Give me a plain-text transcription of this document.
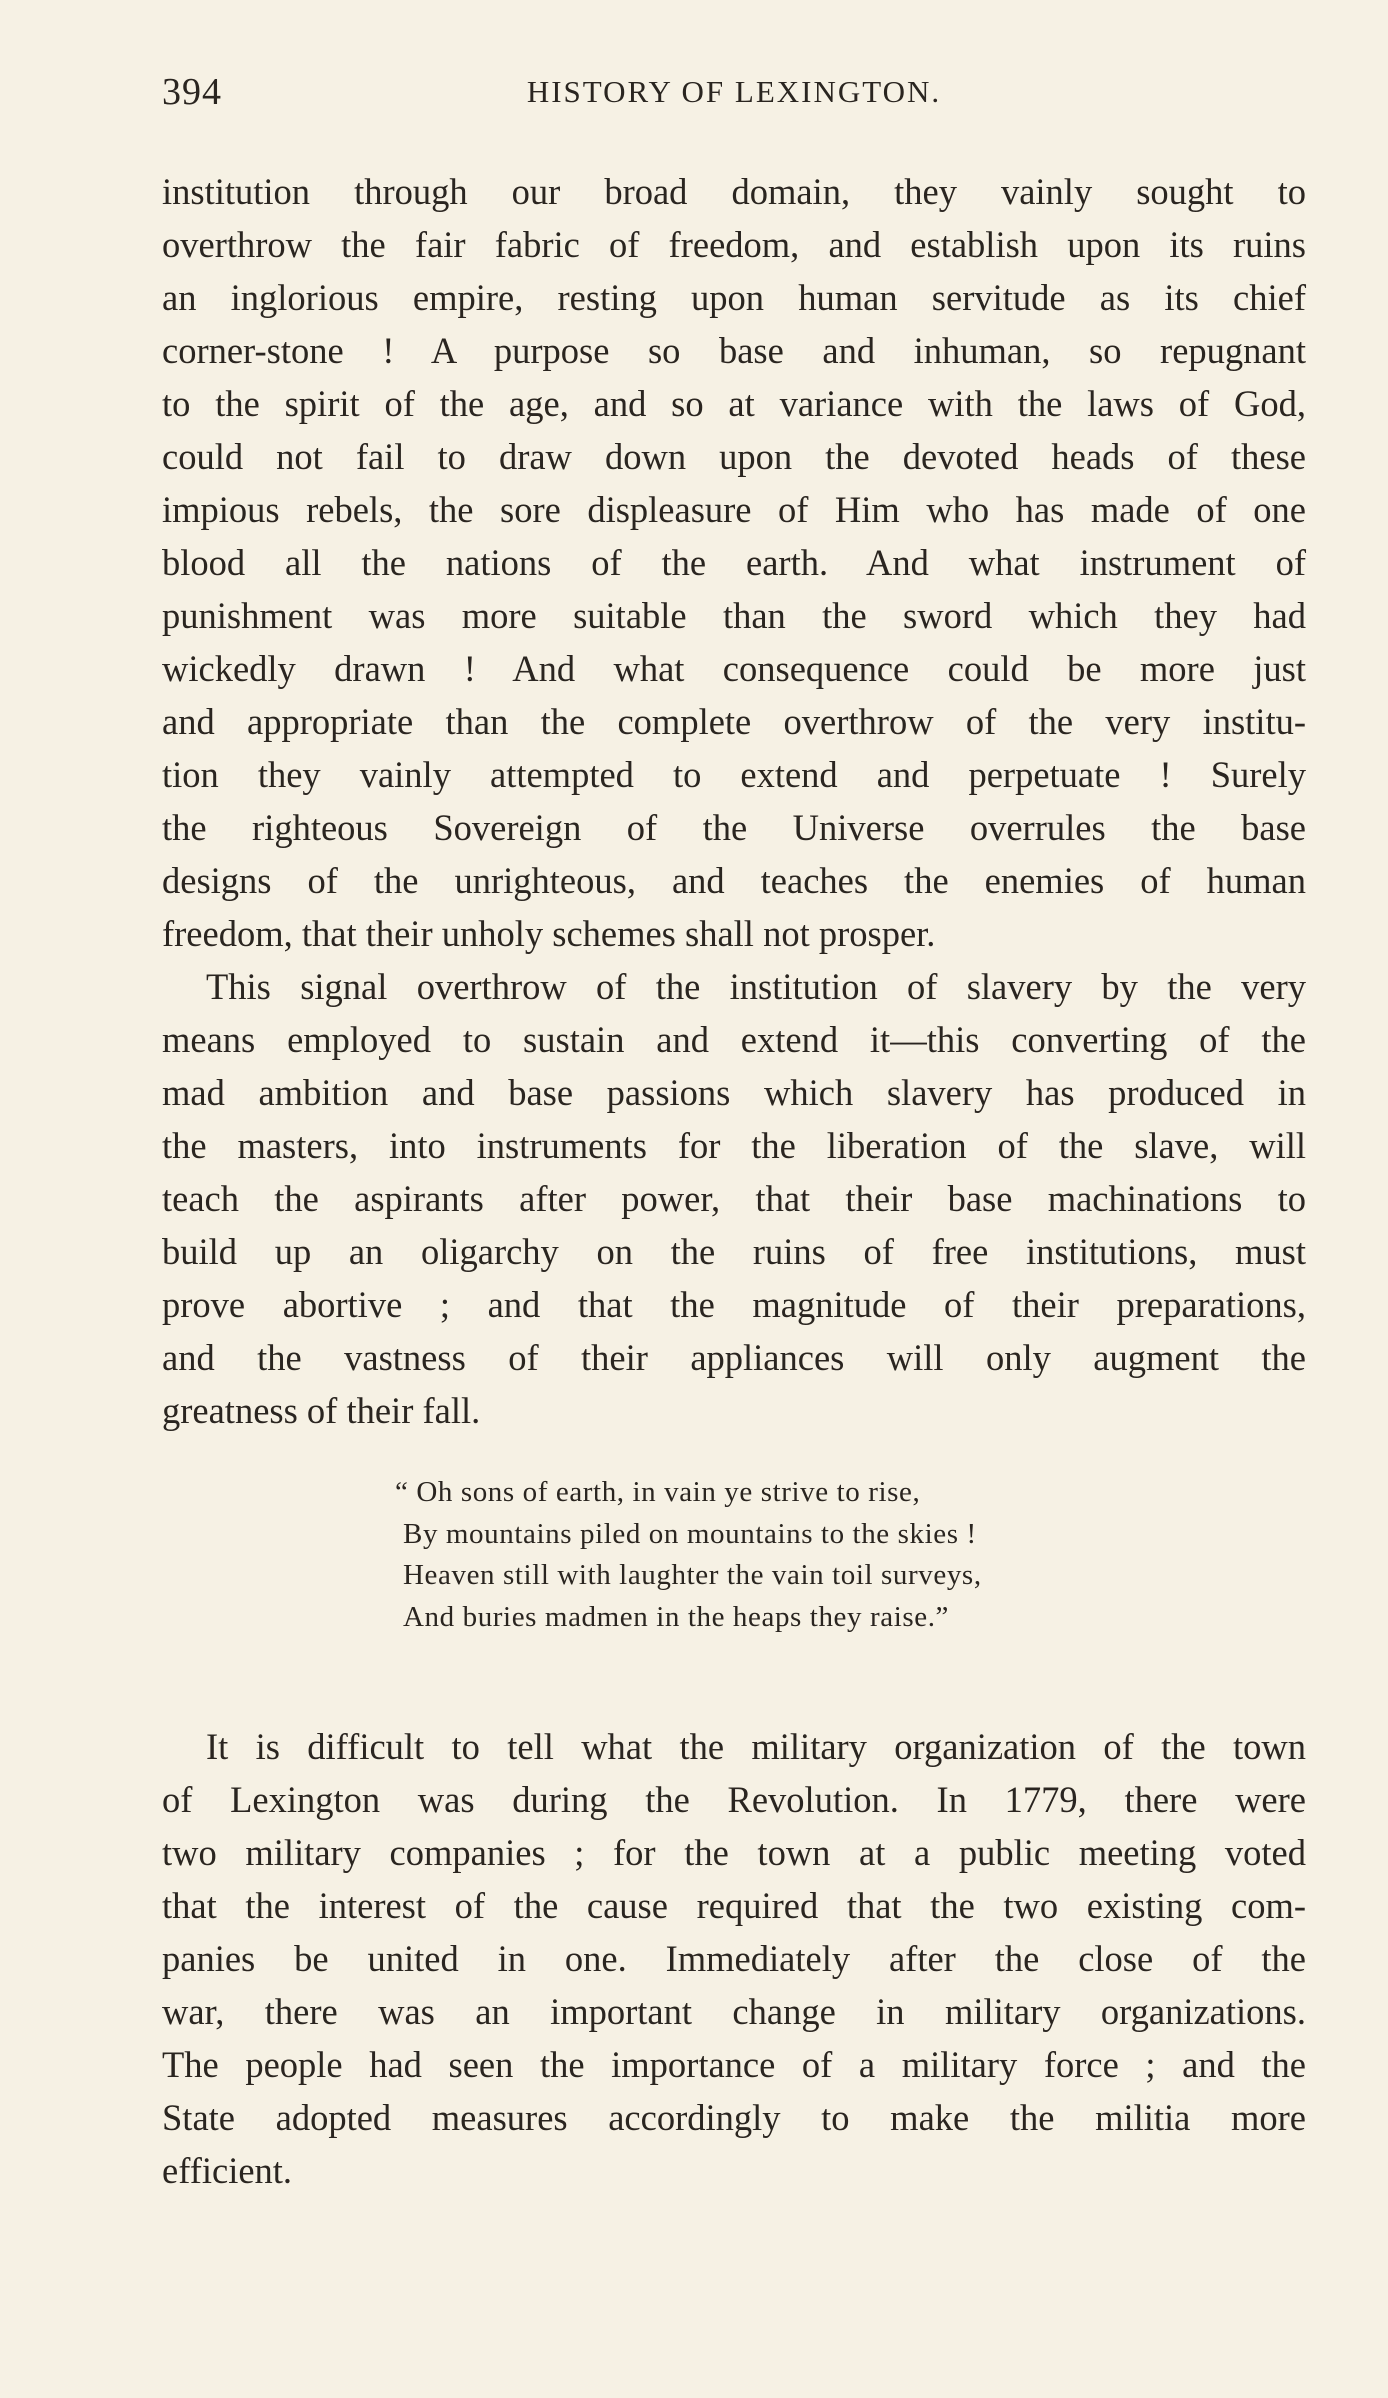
394	HISTORY OF LEXINGTON.

institution through our broad domain, they vainly sought to
overthrow the fair fabric of freedom, and establish upon its ruins
an inglorious empire, resting upon human servitude as its chief
corner-stone ! A purpose so base and inhuman, so repugnant
to the spirit of the age, and so at variance with the laws of God,
could not fail to draw down upon the devoted heads of these
impious rebels, the sore displeasure of Him who has made of one
blood all the nations of the earth. And what instrument of
punishment was more suitable than the sword which they had
wickedly drawn ! And what consequence could be more just
and appropriate than the complete overthrow of the very institu-
tion they vainly attempted to extend and perpetuate ! Surely
the righteous Sovereign of the Universe overrules the base
designs of the unrighteous, and teaches the enemies of human
freedom, that their unholy schemes shall not prosper.

This signal overthrow of the institution of slavery by the very
means employed to sustain and extend it—this converting of the
mad ambition and base passions which slavery has produced in
the masters, into instruments for the liberation of the slave, will
teach the aspirants after power, that their base machinations to
build up an oligarchy on the ruins of free institutions, must
prove abortive ; and that the magnitude of their preparations,
and the vastness of their appliances will only augment the
greatness of their fall.

“ Oh sons of earth, in vain ye strive to rise,
By mountains piled on mountains to the skies !
Heaven still with laughter the vain toil surveys,
And buries madmen in the heaps they raise.”
It is difficult to tell what the military organization of the town
of Lexington was during the Revolution. In 1779, there were
two military companies ; for the town at a public meeting voted
that the interest of the cause required that the two existing com-
panies be united in one. Immediately after the close of the
war, there was an important change in military organizations.
The people had seen the importance of a military force ; and the
State adopted measures accordingly to make the militia more
efficient.
